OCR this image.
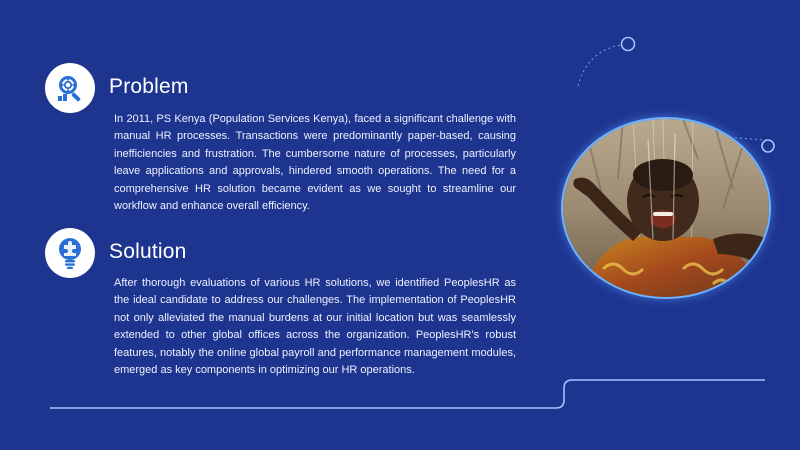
Problem

In 2011, PS Kenya (Population Services Kenya), faced a significant challenge with manual HR processes. Transactions were predominantly paper-based, causing inefficiencies and frustration. The cumbersome nature of processes, particularly leave applications and approvals, hindered smooth operations. The need for a comprehensive HR solution became evident as we sought to streamline our workflow and enhance overall efficiency.

Solution

After thorough evaluations of various HR solutions, we identified PeoplesHR as the ideal candidate to address our challenges. The implementation of PeoplesHR not only alleviated the manual burdens at our initial location but was seamlessly extended to other global offices across the organization. PeoplesHR's robust features, notably the online global payroll and performance management modules, emerged as key components in optimizing our HR operations.
